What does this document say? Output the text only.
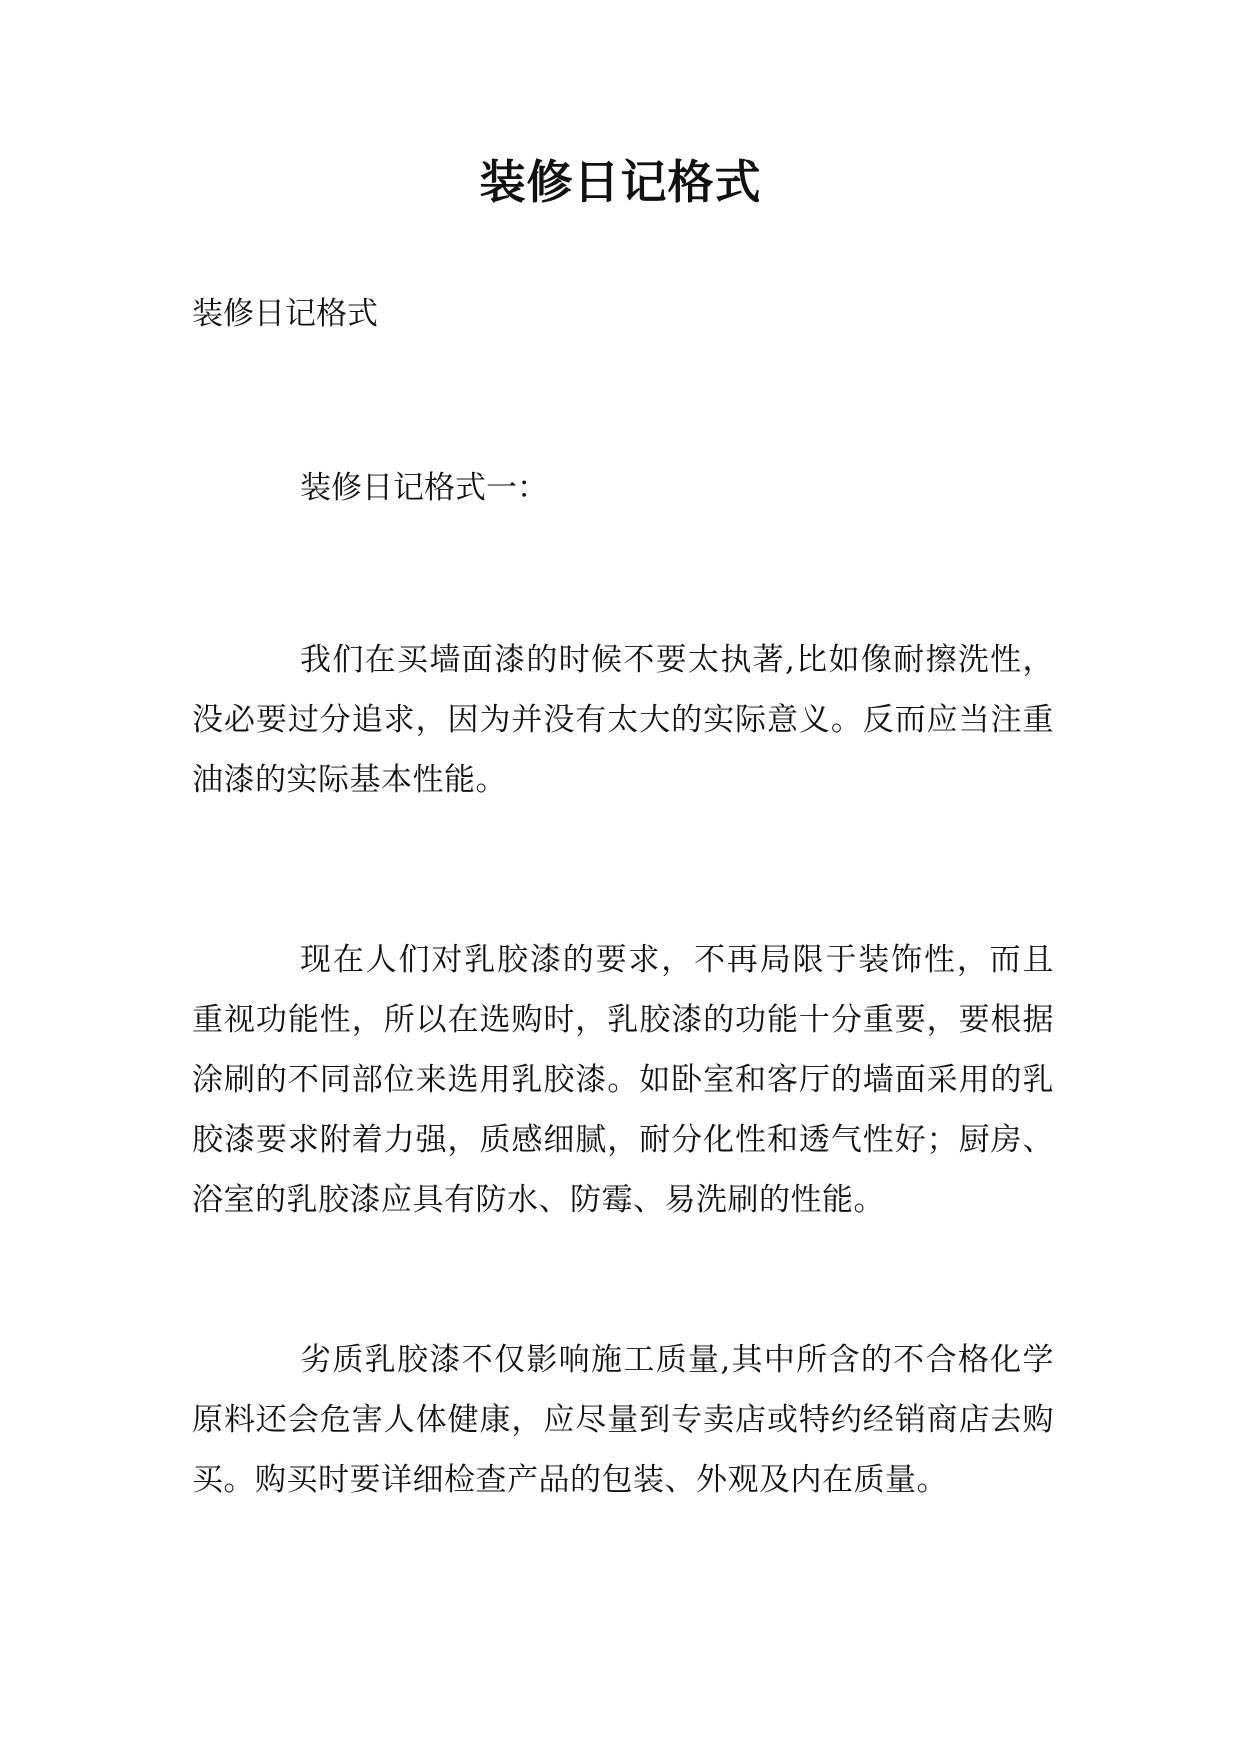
装修日记格式

装修日记格式

装修日记格式一：

我们在买墙面漆的时候不要太执著,比如像耐擦洗性，没必要过分追求，因为并没有太大的实际意义。反而应当注重油漆的实际基本性能。

现在人们对乳胶漆的要求，不再局限于装饰性，而且重视功能性，所以在选购时，乳胶漆的功能十分重要，要根据涂刷的不同部位来选用乳胶漆。如卧室和客厅的墙面采用的乳胶漆要求附着力强，质感细腻，耐分化性和透气性好；厨房、浴室的乳胶漆应具有防水、防霉、易洗刷的性能。

劣质乳胶漆不仅影响施工质量,其中所含的不合格化学原料还会危害人体健康，应尽量到专卖店或特约经销商店去购买。购买时要详细检查产品的包装、外观及内在质量。
